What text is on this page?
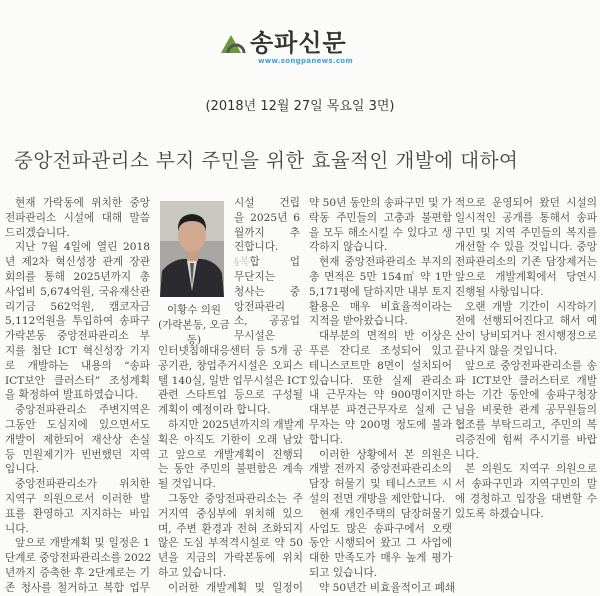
송파신문
www.songpanews.com
(2018년 12월 27일 목요일 3면)
중앙전파관리소 부지 주민을 위한 효율적인 개발에 대하여
이황수 의원
(가락본동, 오금동)
현재 가락동에 위치한 중앙
전파관리소 시설에 대해 말씀
드리겠습니다.
지난 7월 4일에 열린 2018
년 제2차 혁신성장 관계 장관
회의를 통해 2025년까지 총
사업비 5,674억원, 국유재산관
리기금 562억원, 캠코자금
5,112억원을 투입하여 송파구
가락본동 중앙전파관리소 부
지를 첨단 ICT 혁신성장 기지
로 개발하는 내용의 “송파
ICT보안 클러스터” 조성계획
을 확정하여 발표하였습니다.
중앙전파관리소 주변지역은
그동안 도심지에 있으면서도
개발이 제한되어 재산상 손실
등 민원제기가 빈번했던 지역
입니다.
중앙전파관리소가 위치한
지역구 의원으로서 이러한 발
표를 환영하고 지지하는 바입
니다.
앞으로 개발계획 및 일정은 1
단계로 중앙전파관리소를 2022
년까지 증축한 후 2단계로는 기
존 청사를 철거하고 복합 업무
시설 건립
을 2025년 6
월까지 추
진합니다.
§복합 업
무단지는
청사는 중
앙전파관리
소, 공공업
무시설은
인터넷침해대응센터 등 5개 공
공기관, 창업주거시설은 오피스
텔 140실, 일반 업무시설은 ICT
관련 스타트업 등으로 구성될
계획이 예정이라 합니다.
하지만 2025년까지의 개발계
획은 아직도 기한이 오래 남았
고 앞으로 개발계획이 진행되
는 동안 주민의 불편함은 계속
될 것입니다.
그동안 중앙전파관리소는 주
거지역 중심부에 위치해 있으
며, 주변 환경과 전혀 조화되지
않은 도심 부적격시설로 약 50
년을 지금의 가락본동에 위치
하고 있습니다.
이러한 개발계획 및 일정이
약 50년 동안의 송파구민 및 가
락동 주민들의 고충과 불편함
을 모두 해소시킬 수 있다고 생
각하지 않습니다.
현재 중앙전파관리소 부지의
총 면적은 5만 154㎡ 약 1만
5,171평에 달하지만 내부 토지
활용은 매우 비효율적이라는
지적을 받아왔습니다.
대부분의 면적의 반 이상은
푸른 잔디로 조성되어 있고
테니스코트만 8면이 설치되어
있습니다. 또한 실제 관리소
내 근무자는 약 900명이지만
대부분 파견근무자로 실제 근
무자는 약 200명 정도에 불과
합니다.
이러한 상황에서 본 의원은
개발 전까지 중앙전파관리소의
담장 허물기 및 테니스코트 시
설의 전면 개방을 제안합니다.
현재 개인주택의 담장허물기
사업도 많은 송파구에서 오랫
동안 시행되어 왔고 그 사업에
대한 만족도가 매우 높게 평가
되고 있습니다.
약 50년간 비효율적이고 폐쇄
적으로 운영되어 왔던 시설의
일시적인 공개를 통해서 송파
구민 및 지역 주민들의 복지를
개선할 수 있을 것입니다. 중앙
전파관리소의 기존 담장제거는
앞으로 개발계획에서 당연시
진행될 사항입니다.
오랜 개발 기간이 시작하기
전에 선행되어진다고 해서 예
산이 낭비되거나 전시행정으로
끝나지 않을 것입니다.
앞으로 중앙전파관리소를 송
파 ICT보안 클러스터로 개발
하는 기간 동안에 송파구청장
님을 비롯한 관계 공무원들의
협조를 부탁드리고, 주민의 복
리증진에 힘써 주시기를 바랍
니다.
본 의원도 지역구 의원으로
서 송파구민과 지역구민의 말
에 경청하고 입장을 대변할 수
있도록 하겠습니다.
